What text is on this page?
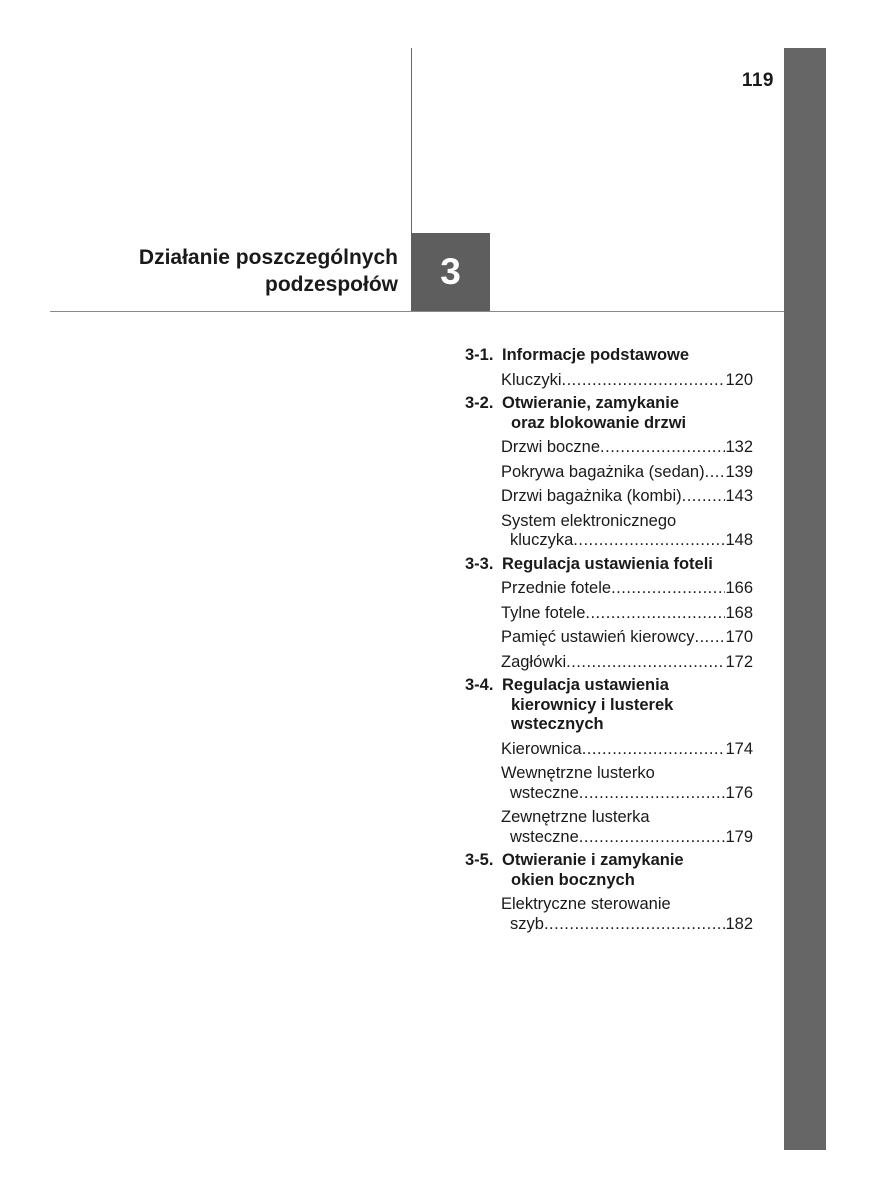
119
Działanie poszczególnych
podzespołów 3
3-1. Informacje podstawowe
Kluczyki .....	120
3-2. Otwieranie, zamykanie
oraz blokowanie drzwi
Drzwi boczne .....	132
Pokrywa bagażnika (sedan) ..... 139
Drzwi bagażnika (kombi) .....	143
System elektronicznego
kluczyka .....	148
3-3. Regulacja ustawienia foteli
Przednie fotele .....	166
Tylne fotele .....	168
Pamięć ustawień kierowcy ..... 170
Zagłówki .....	172
3-4. Regulacja ustawienia
kierownicy i lusterek
wstecznych
Kierownica .....	174
Wewnętrzne lusterko
wsteczne .....	176
Zewnętrzne lusterka
wsteczne .....	179
3-5. Otwieranie i zamykanie
okien bocznych
Elektryczne sterowanie
szyb .....	182
